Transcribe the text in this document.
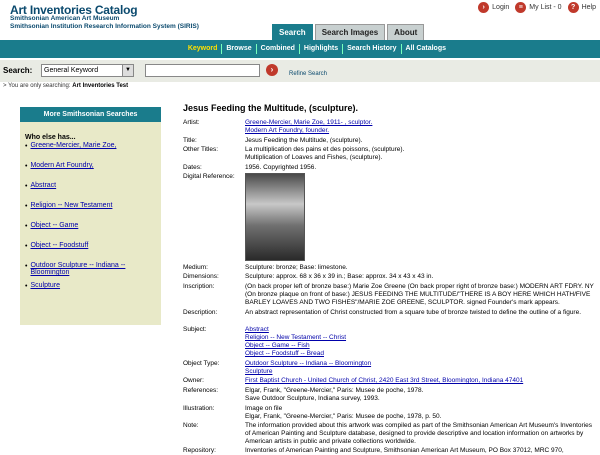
Art Inventories Catalog
Smithsonian American Art Museum
Smithsonian Institution Research Information System (SIRIS)
›	Login	≡ My List - 0	? Help
Search	Search Images	About
Keyword	Browse	Combined	Highlights	Search History	All Catalogs
Search:	General Keyword	▼	›	Refine Search
> You are only searching: Art Inventories Test
More Smithsonian Searches
Who else has...
• Greene-Mercier, Marie Zoe,
• Modern Art Foundry,
• Abstract
• Religion -- New Testament
• Object -- Game
• Object -- Foodstuff
• Outdoor Sculpture -- Indiana -- Bloomington
• Sculpture
Jesus Feeding the Multitude, (sculpture).
Artist:	Greene-Mercier, Marie Zoe, 1911- , sculptor.
Modern Art Foundry, founder.
Title:	Jesus Feeding the Multitude, (sculpture).
Other Titles:	La multiplication des pains et des poissons, (sculpture).
Multiplication of Loaves and Fishes, (sculpture).
Dates:	1956. Copyrighted 1956.
Digital Reference:
Medium:	Sculpture: bronze; Base: limestone.
Dimensions:	Sculpture: approx. 68 x 36 x 39 in.; Base: approx. 34 x 43 x 43 in.
Inscription:	(On back proper left of bronze base:) Marie Zoe Greene (On back proper right of bronze base:) MODERN ART FDRY. NY (On bronze plaque on front of base:) JESUS FEEDING THE MULTITUDE/"THERE IS A BOY HERE WHICH HATH/FIVE BARLEY LOAVES AND TWO FISHES"/MARIE ZOE GREENE, SCULPTOR. signed Founder's mark appears.
Description:	An abstract representation of Christ constructed from a square tube of bronze twisted to define the outline of a figure.
Subject:	Abstract
Religion -- New Testament -- Christ
Object -- Game -- Fish
Object -- Foodstuff -- Bread
Object Type:	Outdoor Sculpture -- Indiana -- Bloomington
Sculpture
Owner:	First Baptist Church - United Church of Christ, 2420 East 3rd Street, Bloomington, Indiana 47401
References:	Elgar, Frank, "Greene-Mercier," Paris: Musee de poche, 1978.
Save Outdoor Sculpture, Indiana survey, 1993.
Illustration:	Image on file
Elgar, Frank, "Greene-Mercier," Paris: Musee de poche, 1978, p. 50.
Note:	The information provided about this artwork was compiled as part of the Smithsonian American Art Museum's Inventories of American Painting and Sculpture database, designed to provide descriptive and location information on artworks by American artists in public and private collections worldwide.
Repository:	Inventories of American Painting and Sculpture, Smithsonian American Art Museum, PO Box 37012, MRC 970,
